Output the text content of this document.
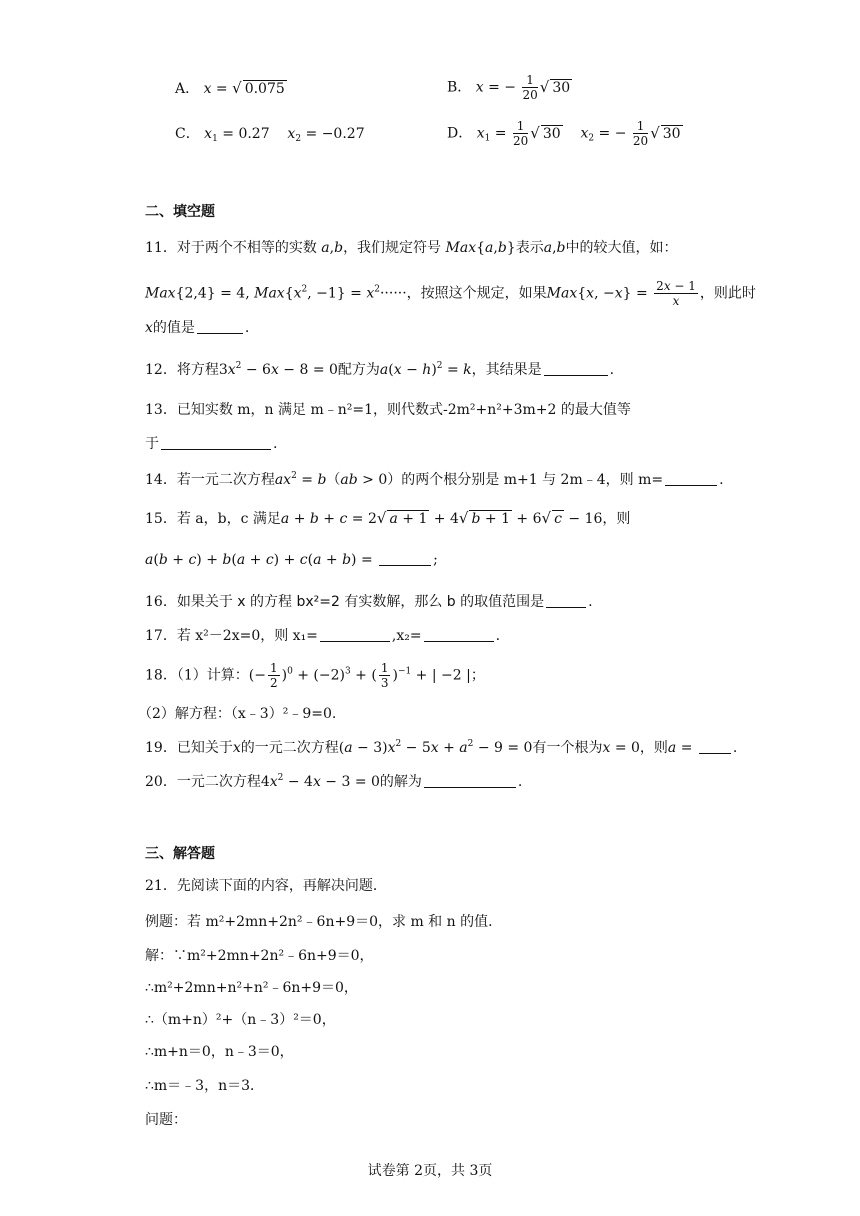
A． x = √ 0.075	B． x = − $\frac{1}{20}$ √ 30
C． $x_1 = 0.27$    $x_2 = -0.27$	D． $x_1 = \frac{1}{20}$ √ 30 $x_2$ = − $\frac{1}{20}$ √ 30
二、填空题
11．对于两个不相等的实数 a,b，我们规定符号 Max{a,b}表示a,b中的较大值，如：
Max{2,4} = 4, $Max\{x^2$, $-1\} = x^2\cdot\cdot\cdot\cdot\cdot\cdot$，按照这个规定，如果Max{x, $-x\} = \frac{2x - 1}{x}$ ，则此时
x的值是	.
12．将方程$3x^2 - 6x - 8 = 0$配方为$a(x - h)^2 = k$，其结果是	.
13．已知实数 m，n 满足 m﹣n²=1，则代数式-2m²+n²+3m+2 的最大值等
于	.
14．若一元二次方程$ax^2 = b(ab > 0)$的两个根分别是 m+1 与 2m﹣4，则 m=	.
15．若 a，b，c 满足a + b + c = 2√ a + 1 + 4√ b + 1 + 6√ c − 16，则
a(b + c) + b(a + c) + c(a + b) =	;
16．如果关于 x 的方程 bx²=2 有实数解，那么 b 的取值范围是	.
17．若 x²－2x=0，则 x₁=	,x₂=	.
18．（1）计算：(− $\frac{1}{2} )^0 + (-2)^3$ + ( $\frac{1}{3} )^{-1}$ + | −2 |；
（2）解方程：（x﹣3）²﹣9=0.
19．已知关于x的一元二次方程$(a - 3)x^2 - 5x + a^2 - 9 = 0$有一个根为x = 0，则a =	.
20．一元二次方程$4x^2 - 4x - 3 = 0$的解为	.
三、解答题
21．先阅读下面的内容，再解决问题．
例题：若 m²+2mn+2n²﹣6n+9＝0，求 m 和 n 的值．
解：∵m²+2mn+2n²﹣6n+9＝0，
∴m²+2mn+n²+n²﹣6n+9＝0，
∴（m+n）²+（n﹣3）²＝0，
∴m+n＝0，n﹣3＝0，
∴m＝﹣3，n＝3．
问题：
试卷第 2页，共 3页
